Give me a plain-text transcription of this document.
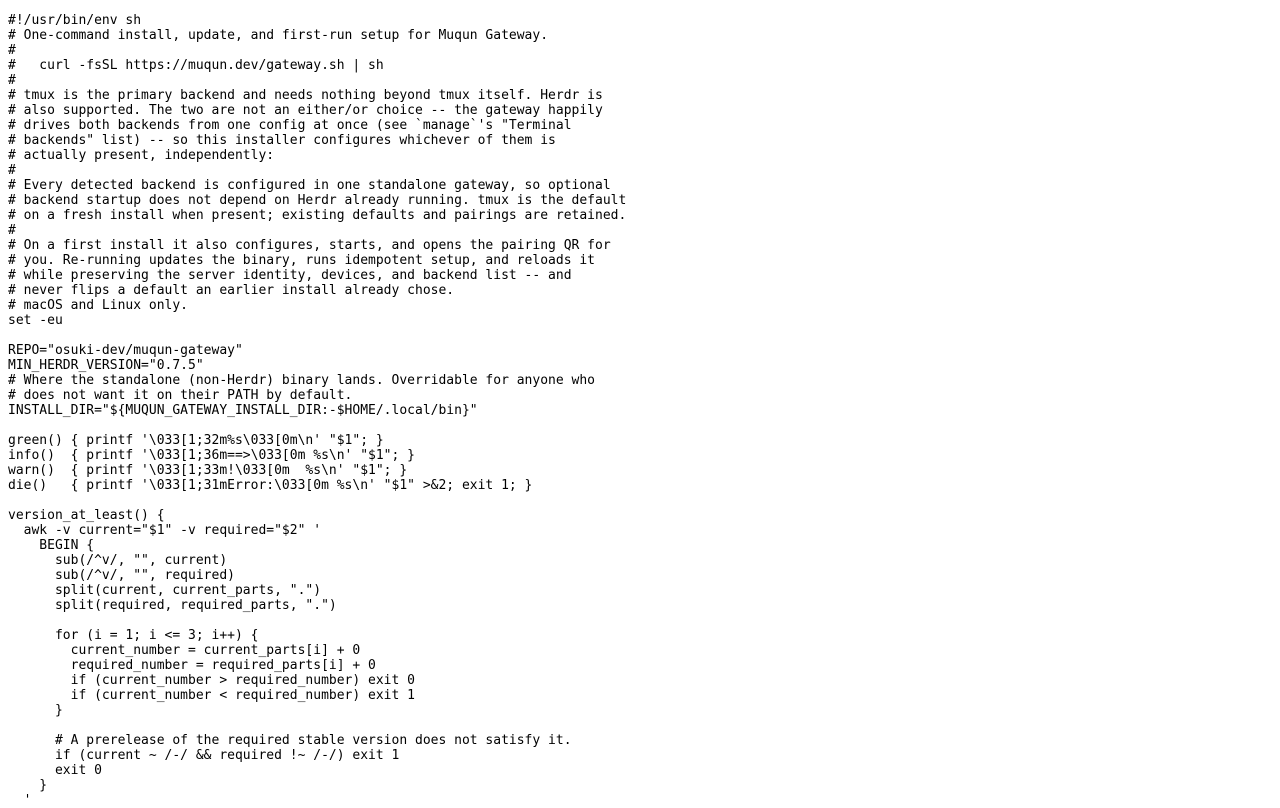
#!/usr/bin/env sh
# One-command install, update, and first-run setup for Muqun Gateway.
#
#   curl -fsSL https://muqun.dev/gateway.sh | sh
#
# tmux is the primary backend and needs nothing beyond tmux itself. Herdr is
# also supported. The two are not an either/or choice -- the gateway happily
# drives both backends from one config at once (see `manage`'s "Terminal
# backends" list) -- so this installer configures whichever of them is
# actually present, independently:
#
# Every detected backend is configured in one standalone gateway, so optional
# backend startup does not depend on Herdr already running. tmux is the default
# on a fresh install when present; existing defaults and pairings are retained.
#
# On a first install it also configures, starts, and opens the pairing QR for
# you. Re-running updates the binary, runs idempotent setup, and reloads it
# while preserving the server identity, devices, and backend list -- and
# never flips a default an earlier install already chose.
# macOS and Linux only.
set -eu
REPO="osuki-dev/muqun-gateway"
MIN_HERDR_VERSION="0.7.5"
# Where the standalone (non-Herdr) binary lands. Overridable for anyone who
# does not want it on their PATH by default.
INSTALL_DIR="${MUQUN_GATEWAY_INSTALL_DIR:-$HOME/.local/bin}"
green() { printf '\033[1;32m%s\033[0m\n' "$1"; }
info()  { printf '\033[1;36m==>\033[0m %s\n' "$1"; }
warn()  { printf '\033[1;33m!\033[0m  %s\n' "$1"; }
die()   { printf '\033[1;31mError:\033[0m %s\n' "$1" >&2; exit 1; }
version_at_least() {
awk -v current="$1" -v required="$2" '
BEGIN {
sub(/^v/, "", current)
sub(/^v/, "", required)
split(current, current_parts, ".")
split(required, required_parts, ".")
for (i = 1; i <= 3; i++) {
current_number = current_parts[i] + 0
required_number = required_parts[i] + 0
if (current_number > required_number) exit 0
if (current_number < required_number) exit 1
}
# A prerelease of the required stable version does not satisfy it.
if (current ~ /-/ && required !~ /-/) exit 1
exit 0
}
'
